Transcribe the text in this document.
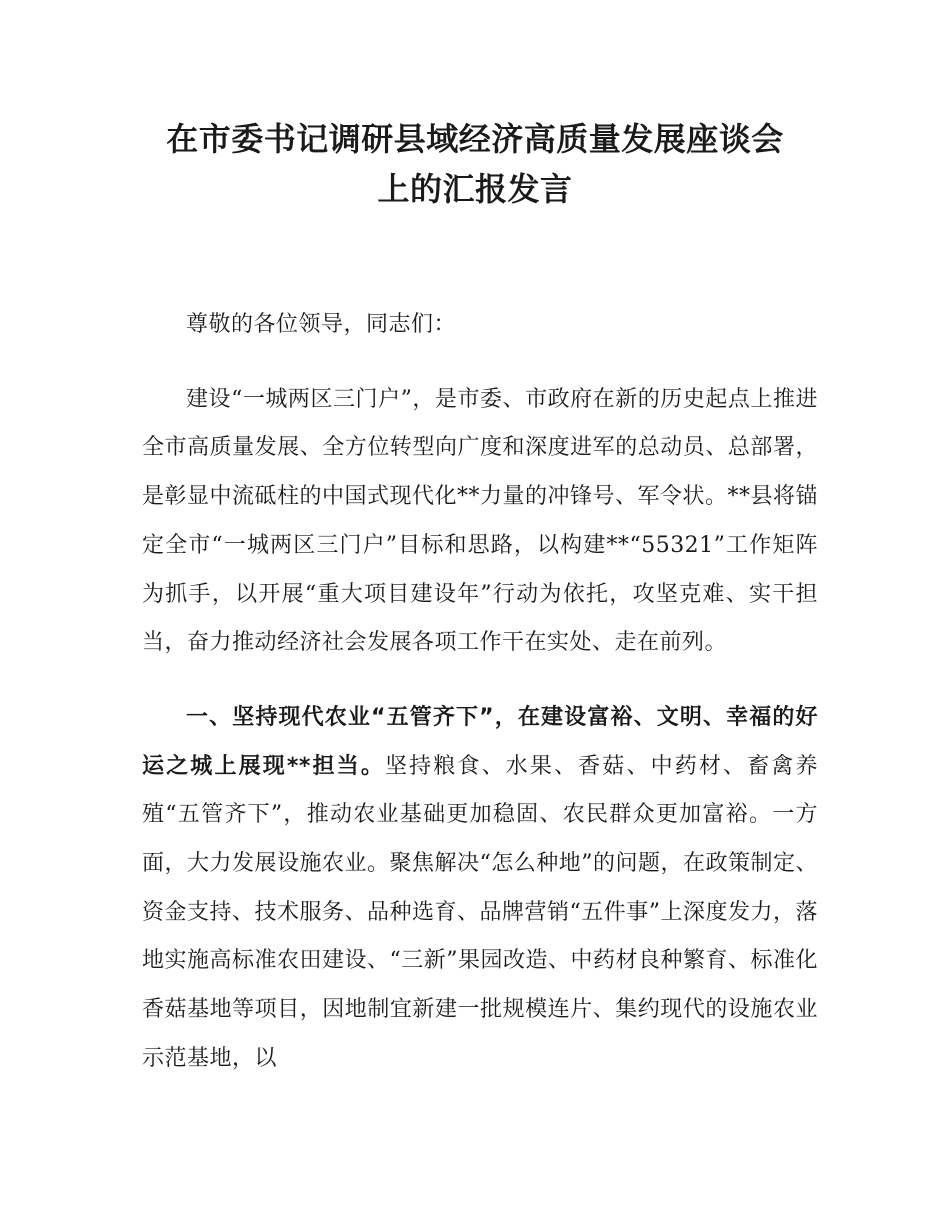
在市委书记调研县域经济高质量发展座谈会
上的汇报发言

尊敬的各位领导，同志们：

建设“一城两区三门户”，是市委、市政府在新的历史起点上推进全市高质量发展、全方位转型向广度和深度进军的总动员、总部署，是彰显中流砥柱的中国式现代化**力量的冲锋号、军令状。**县将锚定全市“一城两区三门户”目标和思路，以构建**“55321”工作矩阵为抓手，以开展“重大项目建设年”行动为依托，攻坚克难、实干担当，奋力推动经济社会发展各项工作干在实处、走在前列。

一、坚持现代农业“五管齐下”，在建设富裕、文明、幸福的好运之城上展现**担当。坚持粮食、水果、香菇、中药材、畜禽养殖“五管齐下”，推动农业基础更加稳固、农民群众更加富裕。一方面，大力发展设施农业。聚焦解决“怎么种地”的问题，在政策制定、资金支持、技术服务、品种选育、品牌营销“五件事”上深度发力，落地实施高标准农田建设、“三新”果园改造、中药材良种繁育、标准化香菇基地等项目，因地制宜新建一批规模连片、集约现代的设施农业示范基地，以
